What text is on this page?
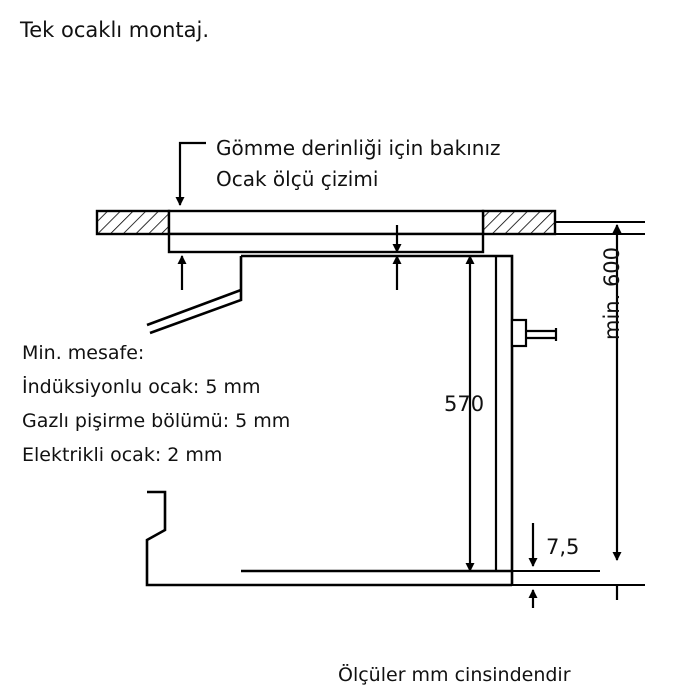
Tek ocaklı montaj.
Gömme derinliği için bakınız
Ocak ölçü çizimi
Min. mesafe:
İndüksiyonlu ocak: 5 mm
Gazlı pişirme bölümü: 5 mm
Elektrikli ocak: 2 mm
570
7,5
min. 600
Ölçüler mm cinsindendir
